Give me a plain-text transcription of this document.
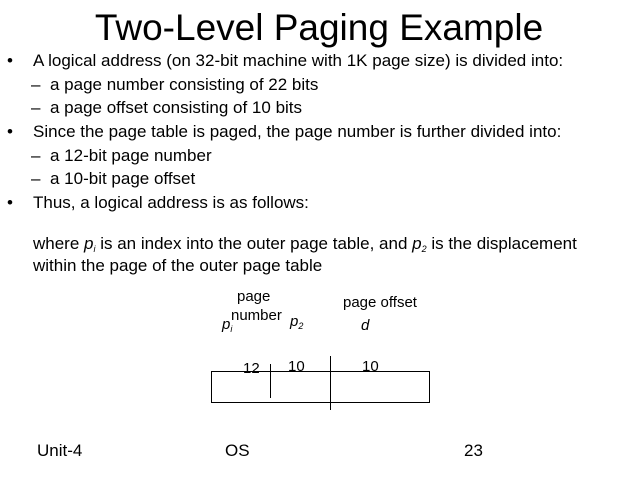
Two-Level Paging Example
• A logical address (on 32-bit machine with 1K page size) is divided into:
– a page number consisting of 22 bits
– a page offset consisting of 10 bits
• Since the page table is paged, the page number is further divided into:
– a 12-bit page number
– a 10-bit page offset
• Thus, a logical address is as follows:
where $p_i$ is an index into the outer page table, and $p_2$ is the displacement
within the page of the outer page table
page
number
page offset
$p_i$	$p_2$	d
12 10	10
Unit-4	OS	23
